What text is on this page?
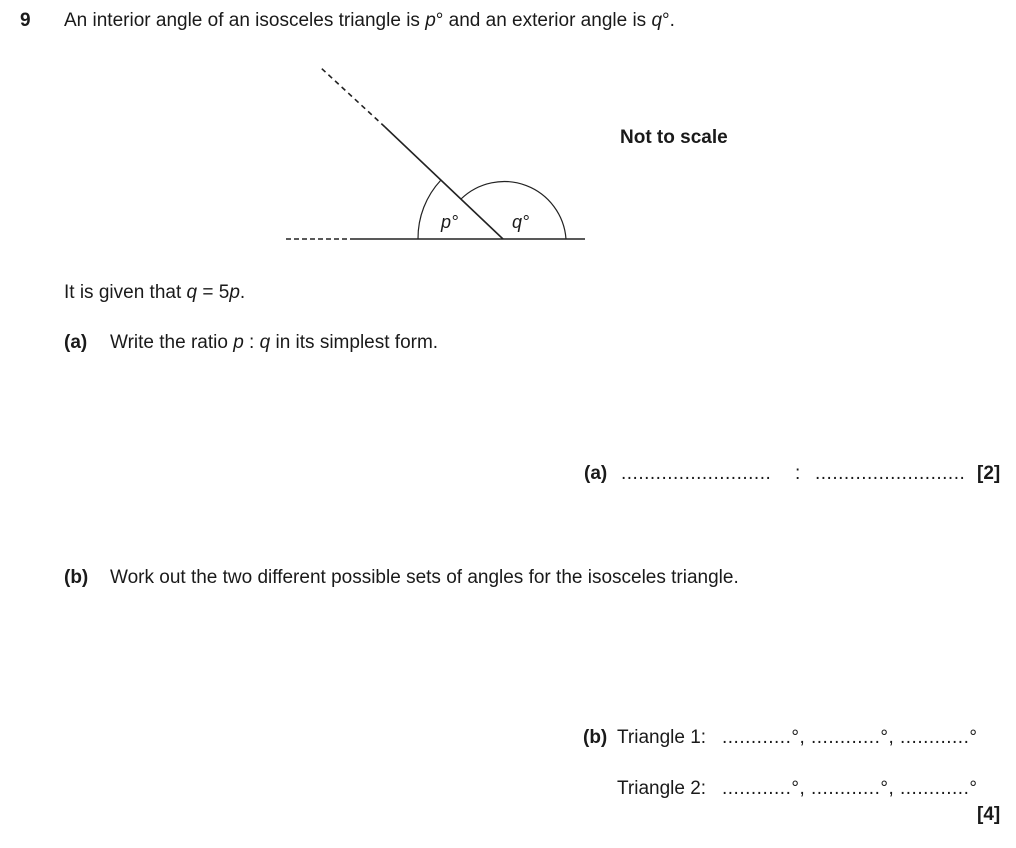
9 An interior angle of an isosceles triangle is p° and an exterior angle is q°.
p°	q°
Not to scale
It is given that q = 5p.
(a) Write the ratio p : q in its simplest form.
(a) .......................... : .......................... [2]
(b) Work out the two different possible sets of angles for the isosceles triangle.
(b) Triangle 1: ............°, ............°, ............°
Triangle 2: ............°, ............°, ............°
[4]
